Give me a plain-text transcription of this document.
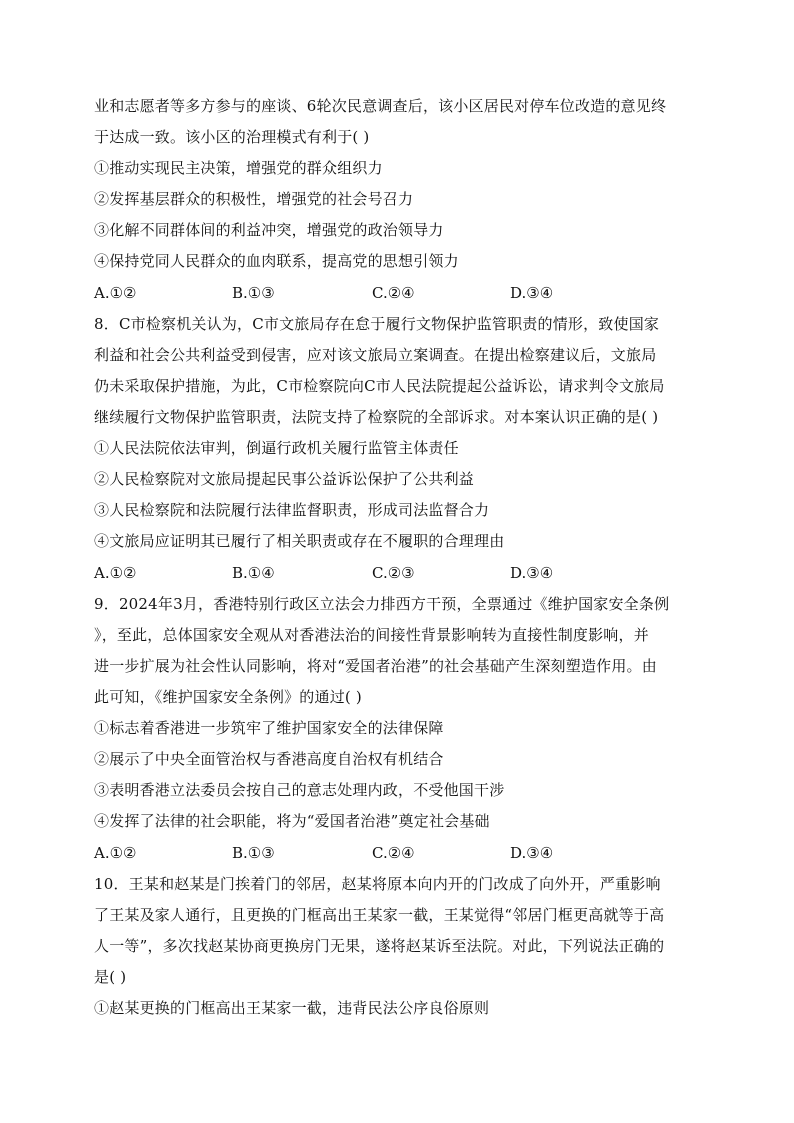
业和志愿者等多方参与的座谈、6轮次民意调查后，该小区居民对停车位改造的意见终
于达成一致。该小区的治理模式有利于( )
①推动实现民主决策，增强党的群众组织力
②发挥基层群众的积极性，增强党的社会号召力
③化解不同群体间的利益冲突，增强党的政治领导力
④保持党同人民群众的血肉联系，提高党的思想引领力
A.①②	B.①③	C.②④	D.③④
8．C市检察机关认为，C市文旅局存在怠于履行文物保护监管职责的情形，致使国家
利益和社会公共利益受到侵害，应对该文旅局立案调查。在提出检察建议后，文旅局
仍未采取保护措施，为此，C市检察院向C市人民法院提起公益诉讼，请求判令文旅局
继续履行文物保护监管职责，法院支持了检察院的全部诉求。对本案认识正确的是( )
①人民法院依法审判，倒逼行政机关履行监管主体责任
②人民检察院对文旅局提起民事公益诉讼保护了公共利益
③人民检察院和法院履行法律监督职责，形成司法监督合力
④文旅局应证明其已履行了相关职责或存在不履职的合理理由
A.①②	B.①④	C.②③	D.③④
9．2024年3月，香港特别行政区立法会力排西方干预，全票通过《维护国家安全条例
》，至此，总体国家安全观从对香港法治的间接性背景影响转为直接性制度影响，并
进一步扩展为社会性认同影响，将对“爱国者治港”的社会基础产生深刻塑造作用。由
此可知，《维护国家安全条例》的通过( )
①标志着香港进一步筑牢了维护国家安全的法律保障
②展示了中央全面管治权与香港高度自治权有机结合
③表明香港立法委员会按自己的意志处理内政，不受他国干涉
④发挥了法律的社会职能，将为“爱国者治港”奠定社会基础
A.①②	B.①③	C.②④	D.③④
10．王某和赵某是门挨着门的邻居，赵某将原本向内开的门改成了向外开，严重影响
了王某及家人通行，且更换的门框高出王某家一截，王某觉得“邻居门框更高就等于高
人一等”，多次找赵某协商更换房门无果，遂将赵某诉至法院。对此，下列说法正确的
是( )
①赵某更换的门框高出王某家一截，违背民法公序良俗原则
